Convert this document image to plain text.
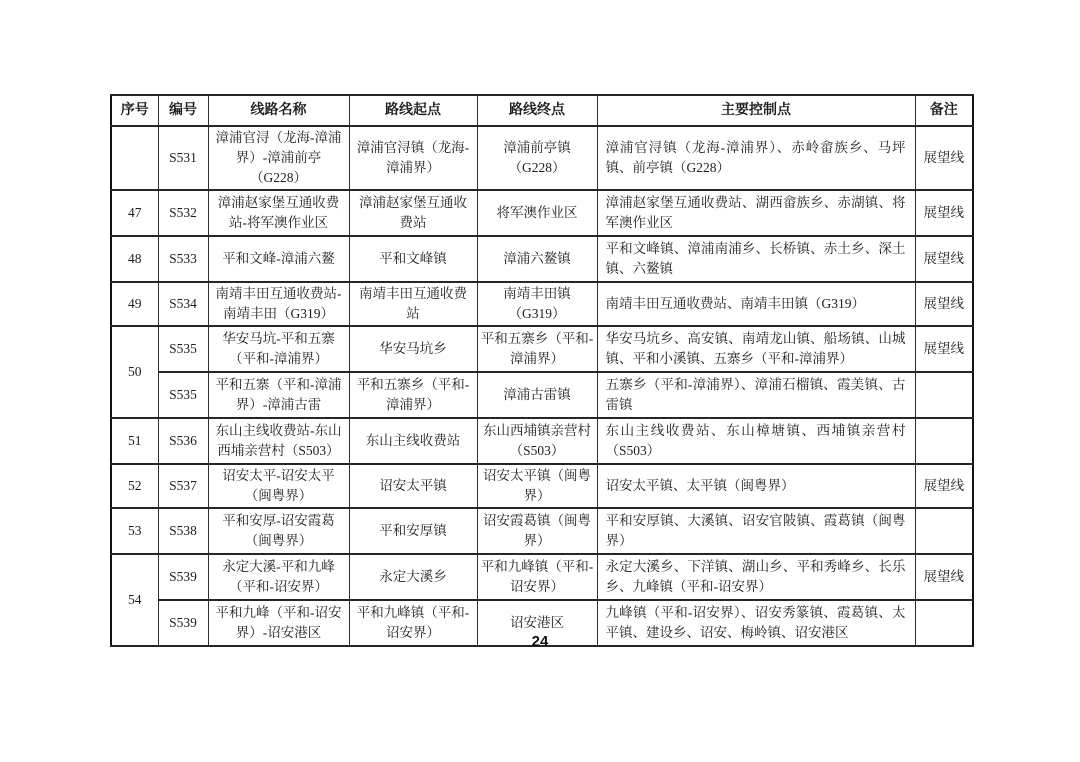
序号	编号	线路名称	路线起点	路线终点	主要控制点	备注
	S531	漳浦官浔（龙海-漳浦界）-漳浦前亭（G228）	漳浦官浔镇（龙海-漳浦界）	漳浦前亭镇（G228）	漳浦官浔镇（龙海-漳浦界）、赤岭畲族乡、马坪镇、前亭镇（G228）	展望线
47	S532	漳浦赵家堡互通收费站-将军澳作业区	漳浦赵家堡互通收费站	将军澳作业区	漳浦赵家堡互通收费站、湖西畲族乡、赤湖镇、将军澳作业区	展望线
48	S533	平和文峰-漳浦六鳌	平和文峰镇	漳浦六鳌镇	平和文峰镇、漳浦南浦乡、长桥镇、赤土乡、深土镇、六鳌镇	展望线
49	S534	南靖丰田互通收费站-南靖丰田（G319）	南靖丰田互通收费站	南靖丰田镇（G319）	南靖丰田互通收费站、南靖丰田镇（G319）	展望线
50	S535	华安马坑-平和五寨（平和-漳浦界）	华安马坑乡	平和五寨乡（平和-漳浦界）	华安马坑乡、高安镇、南靖龙山镇、船场镇、山城镇、平和小溪镇、五寨乡（平和-漳浦界）	展望线
	S535	平和五寨（平和-漳浦界）-漳浦古雷	平和五寨乡（平和-漳浦界）	漳浦古雷镇	五寨乡（平和-漳浦界）、漳浦石榴镇、霞美镇、古雷镇	
51	S536	东山主线收费站-东山西埔亲营村（S503）	东山主线收费站	东山西埔镇亲营村（S503）	东山主线收费站、东山樟塘镇、西埔镇亲营村（S503）	
52	S537	诏安太平-诏安太平（闽粤界）	诏安太平镇	诏安太平镇（闽粤界）	诏安太平镇、太平镇（闽粤界）	展望线
53	S538	平和安厚-诏安霞葛（闽粤界）	平和安厚镇	诏安霞葛镇（闽粤界）	平和安厚镇、大溪镇、诏安官陂镇、霞葛镇（闽粤界）	
54	S539	永定大溪-平和九峰（平和-诏安界）	永定大溪乡	平和九峰镇（平和-诏安界）	永定大溪乡、下洋镇、湖山乡、平和秀峰乡、长乐乡、九峰镇（平和-诏安界）	展望线
	S539	平和九峰（平和-诏安界）-诏安港区	平和九峰镇（平和-诏安界）	诏安港区	九峰镇（平和-诏安界）、诏安秀篆镇、霞葛镇、太平镇、建设乡、诏安、梅岭镇、诏安港区	
24
